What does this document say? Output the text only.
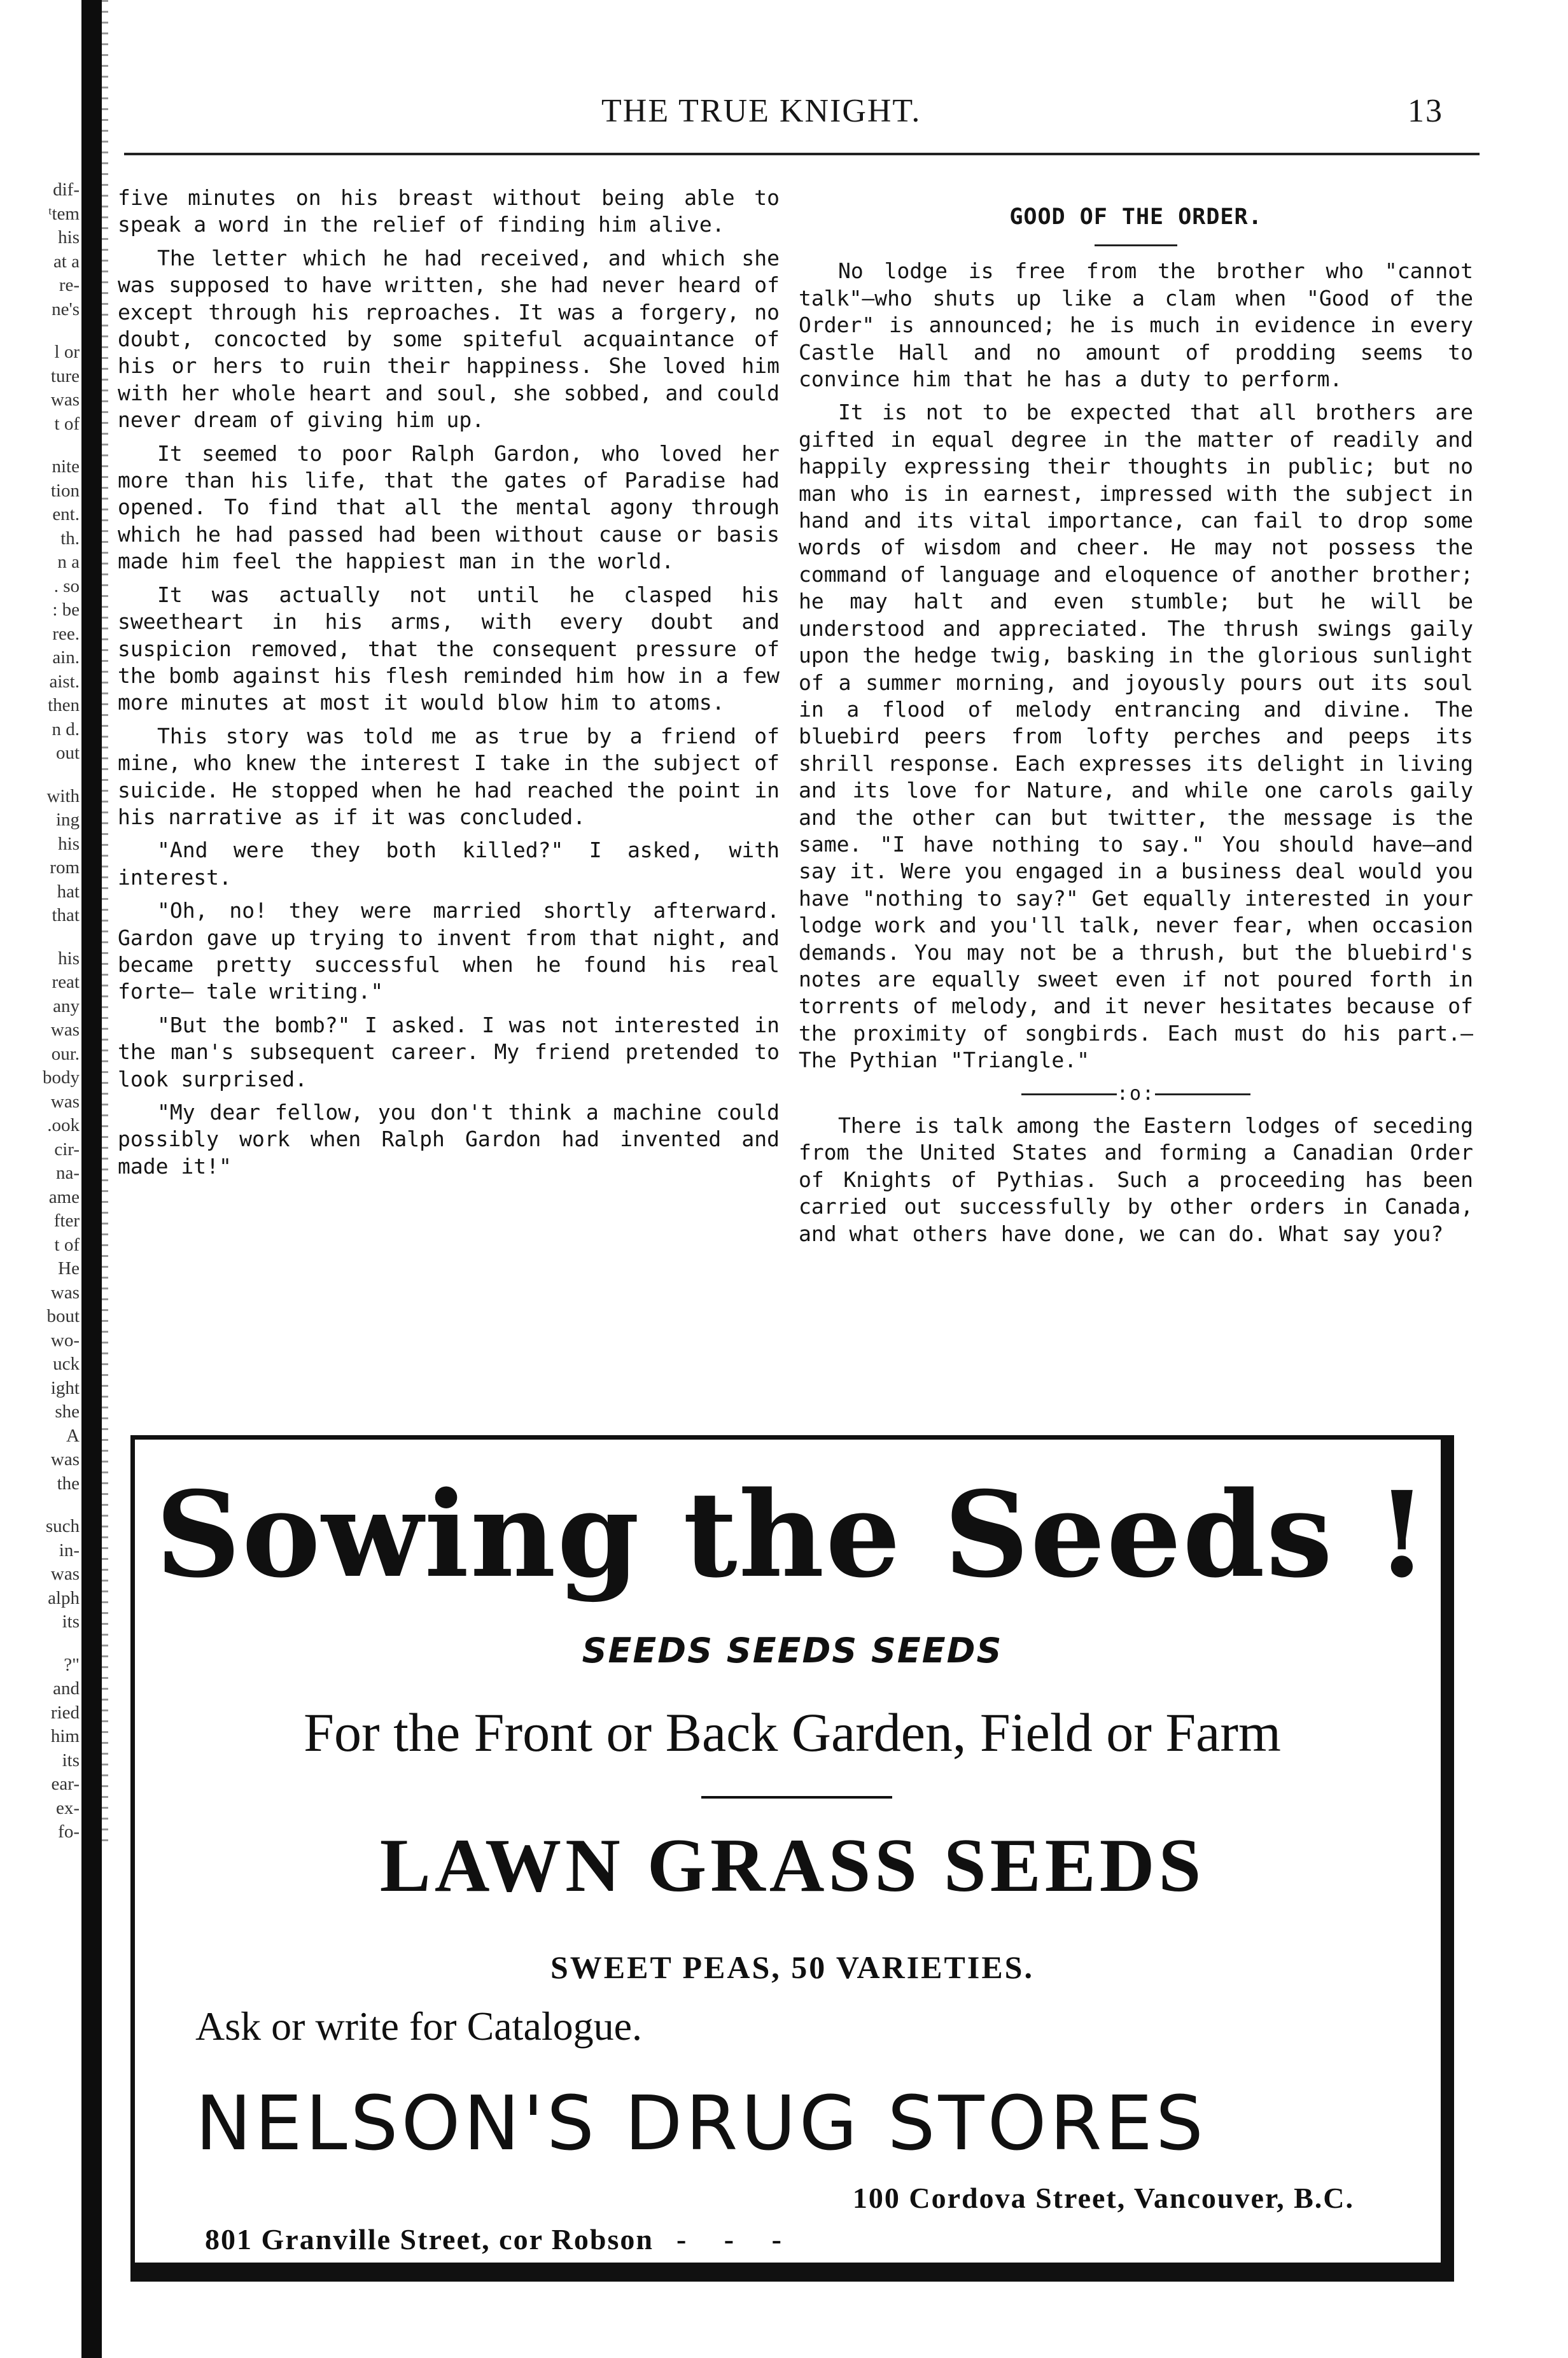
dif-
ᵗtem
his
at a
re-
ne's
l or
ture
was
t of
nite
tion
ent.
th.
n a
. so
: be
ree.
ain.
aist.
then
n d.
out
with
ing
his
rom
hat
that
his
reat
any
was
our.
body
was
.ook
cir-
na-
ame
fter
t of
He
was
bout
wo-
uck
ight
she
A
was
the
such
in-
was
alph
its
?"
and
ried
him
its
ear-
ex-
fo-
THE TRUE KNIGHT.	13

five minutes on his breast without being able to speak a word in the relief of finding him alive.

The letter which he had received, and which she was supposed to have written, she had never heard of except through his reproaches. It was a forgery, no doubt, concocted by some spiteful acquaintance of his or hers to ruin their happiness. She loved him with her whole heart and soul, she sobbed, and could never dream of giving him up.

It seemed to poor Ralph Gardon, who loved her more than his life, that the gates of Paradise had opened. To find that all the mental agony through which he had passed had been without cause or basis made him feel the happiest man in the world.

It was actually not until he clasped his sweetheart in his arms, with every doubt and suspicion removed, that the consequent pressure of the bomb against his flesh reminded him how in a few more minutes at most it would blow him to atoms.

This story was told me as true by a friend of mine, who knew the interest I take in the subject of suicide. He stopped when he had reached the point in his narrative as if it was concluded.

"And were they both killed?" I asked, with interest.

"Oh, no! they were married shortly afterward. Gardon gave up trying to invent from that night, and became pretty successful when he found his real forte— tale writing."

"But the bomb?" I asked. I was not interested in the man's subsequent career. My friend pretended to look surprised.

"My dear fellow, you don't think a machine could possibly work when Ralph Gardon had invented and made it!"

GOOD OF THE ORDER.

No lodge is free from the brother who "cannot talk"—who shuts up like a clam when "Good of the Order" is announced; he is much in evidence in every Castle Hall and no amount of prodding seems to convince him that he has a duty to perform.

It is not to be expected that all brothers are gifted in equal degree in the matter of readily and happily expressing their thoughts in public; but no man who is in earnest, impressed with the subject in hand and its vital importance, can fail to drop some words of wisdom and cheer. He may not possess the command of language and eloquence of another brother; he may halt and even stumble; but he will be understood and appreciated. The thrush swings gaily upon the hedge twig, basking in the glorious sunlight of a summer morning, and joyously pours out its soul in a flood of melody entrancing and divine. The bluebird peers from lofty perches and peeps its shrill response. Each expresses its delight in living and its love for Nature, and while one carols gaily and the other can but twitter, the message is the same. "I have nothing to say." You should have—and say it. Were you engaged in a business deal would you have "nothing to say?" Get equally interested in your lodge work and you'll talk, never fear, when occasion demands. You may not be a thrush, but the bluebird's notes are equally sweet even if not poured forth in torrents of melody, and it never hesitates because of the proximity of songbirds. Each must do his part.—The Pythian "Triangle."

:o:

There is talk among the Eastern lodges of seceding from the United States and forming a Canadian Order of Knights of Pythias. Such a proceeding has been carried out successfully by other orders in Canada, and what others have done, we can do. What say you?

Sowing the Seeds !
SEEDS SEEDS SEEDS
For the Front or Back Garden, Field or Farm
LAWN GRASS SEEDS
SWEET PEAS, 50 VARIETIES.
Ask or write for Catalogue.
NELSON'S DRUG STORES
100 Cordova Street, Vancouver, B.C.
801 Granville Street, cor Robson - - -
